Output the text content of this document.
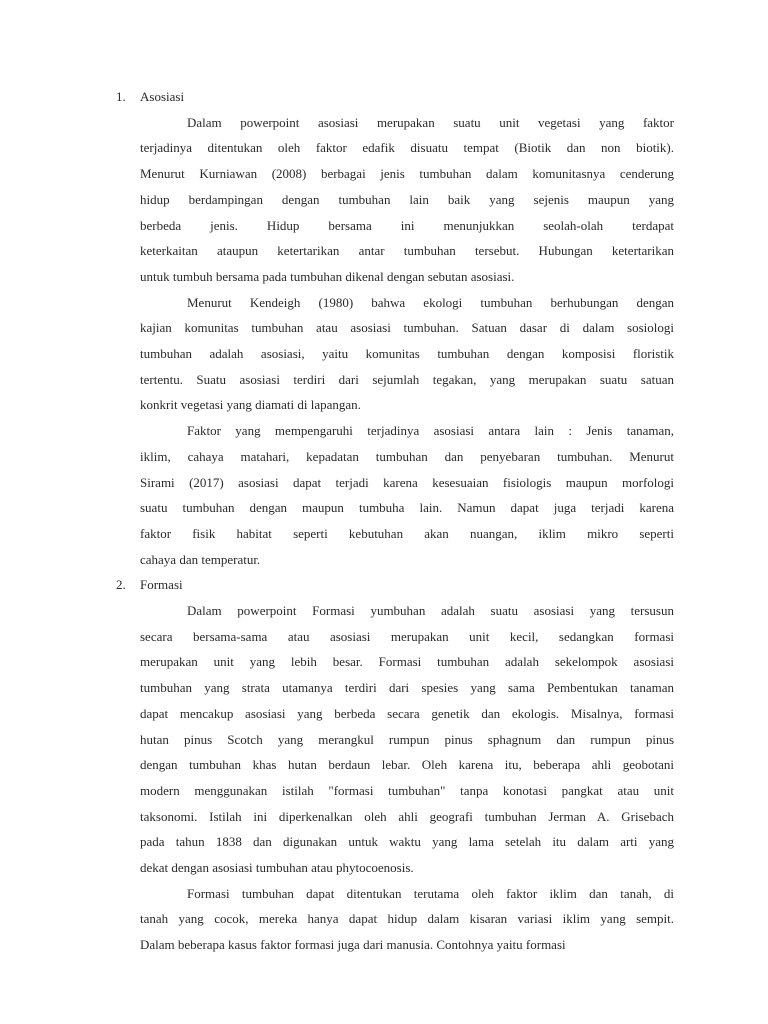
1. Asosiasi
Dalam powerpoint asosiasi merupakan suatu unit vegetasi yang faktor
terjadinya ditentukan oleh faktor edafik disuatu tempat (Biotik dan non biotik).
Menurut Kurniawan (2008) berbagai jenis tumbuhan dalam komunitasnya cenderung
hidup berdampingan dengan tumbuhan lain baik yang sejenis maupun yang
berbeda jenis. Hidup bersama ini menunjukkan seolah-olah terdapat
keterkaitan ataupun ketertarikan antar tumbuhan tersebut. Hubungan ketertarikan
untuk tumbuh bersama pada tumbuhan dikenal dengan sebutan asosiasi.
Menurut Kendeigh (1980) bahwa ekologi tumbuhan berhubungan dengan
kajian komunitas tumbuhan atau asosiasi tumbuhan. Satuan dasar di dalam sosiologi
tumbuhan adalah asosiasi, yaitu komunitas tumbuhan dengan komposisi floristik
tertentu. Suatu asosiasi terdiri dari sejumlah tegakan, yang merupakan suatu satuan
konkrit vegetasi yang diamati di lapangan.
Faktor yang mempengaruhi terjadinya asosiasi antara lain : Jenis tanaman,
iklim, cahaya matahari, kepadatan tumbuhan dan penyebaran tumbuhan. Menurut
Sirami (2017) asosiasi dapat terjadi karena kesesuaian fisiologis maupun morfologi
suatu tumbuhan dengan maupun tumbuha lain. Namun dapat juga terjadi karena
faktor fisik habitat seperti kebutuhan akan nuangan, iklim mikro seperti
cahaya dan temperatur.
2. Formasi
Dalam powerpoint Formasi yumbuhan adalah suatu asosiasi yang tersusun
secara bersama-sama atau asosiasi merupakan unit kecil, sedangkan formasi
merupakan unit yang lebih besar. Formasi tumbuhan adalah sekelompok asosiasi
tumbuhan yang strata utamanya terdiri dari spesies yang sama Pembentukan tanaman
dapat mencakup asosiasi yang berbeda secara genetik dan ekologis. Misalnya, formasi
hutan pinus Scotch yang merangkul rumpun pinus sphagnum dan rumpun pinus
dengan tumbuhan khas hutan berdaun lebar. Oleh karena itu, beberapa ahli geobotani
modern menggunakan istilah "formasi tumbuhan" tanpa konotasi pangkat atau unit
taksonomi. Istilah ini diperkenalkan oleh ahli geografi tumbuhan Jerman A. Grisebach
pada tahun 1838 dan digunakan untuk waktu yang lama setelah itu dalam arti yang
dekat dengan asosiasi tumbuhan atau phytocoenosis.
Formasi tumbuhan dapat ditentukan terutama oleh faktor iklim dan tanah, di
tanah yang cocok, mereka hanya dapat hidup dalam kisaran variasi iklim yang sempit.
Dalam beberapa kasus faktor formasi juga dari manusia. Contohnya yaitu formasi
